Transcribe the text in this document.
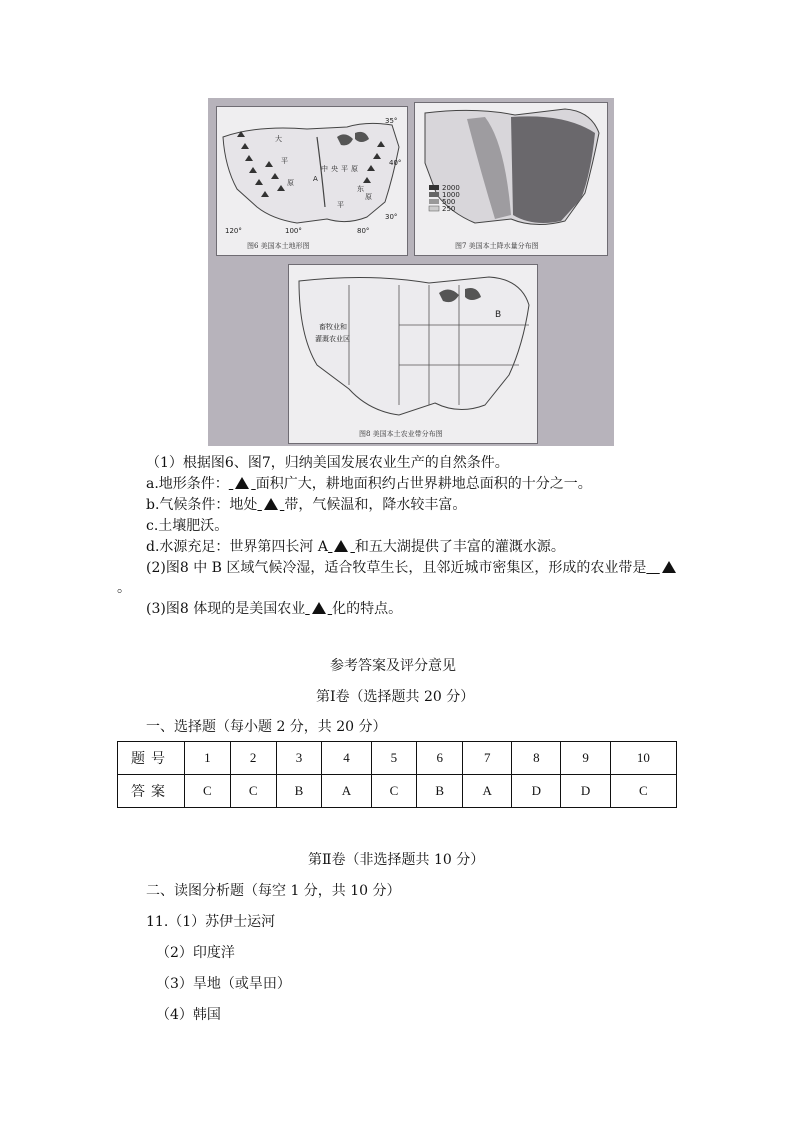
大
平
原
中 央 平 原
东
原
平
A
35°
40°
30°
120°	100°	80°
图6 美国本土地形图
2000
1000
500
250
图7 美国本土降水量分布图
畜牧业和
灌溉农业区
B
图8 美国本土农业带分布图
（1）根据图6、图7，归纳美国发展农业生产的自然条件。
a.地形条件： 面积广大，耕地面积约占世界耕地总面积的十分之一。
b.气候条件：地处 带，气候温和，降水较丰富。
c.土壤肥沃。
d.水源充足：世界第四长河 A 和五大湖提供了丰富的灌溉水源。
(2)图8 中 B 区域气候冷湿，适合牧草生长，且邻近城市密集区，形成的农业带是
。
(3)图8 体现的是美国农业 化的特点。
参考答案及评分意见
第Ⅰ卷（选择题共 20 分）
一、选择题（每小题 2 分，共 20 分）
题号	1	2	3	4	5	6	7	8	9	10
答案	C	C	B	A	C	B	A	D	D	C
第Ⅱ卷（非选择题共 10 分）
二、读图分析题（每空 1 分，共 10 分）
11.（1）苏伊士运河
（2）印度洋
（3）旱地（或旱田）
（4）韩国
